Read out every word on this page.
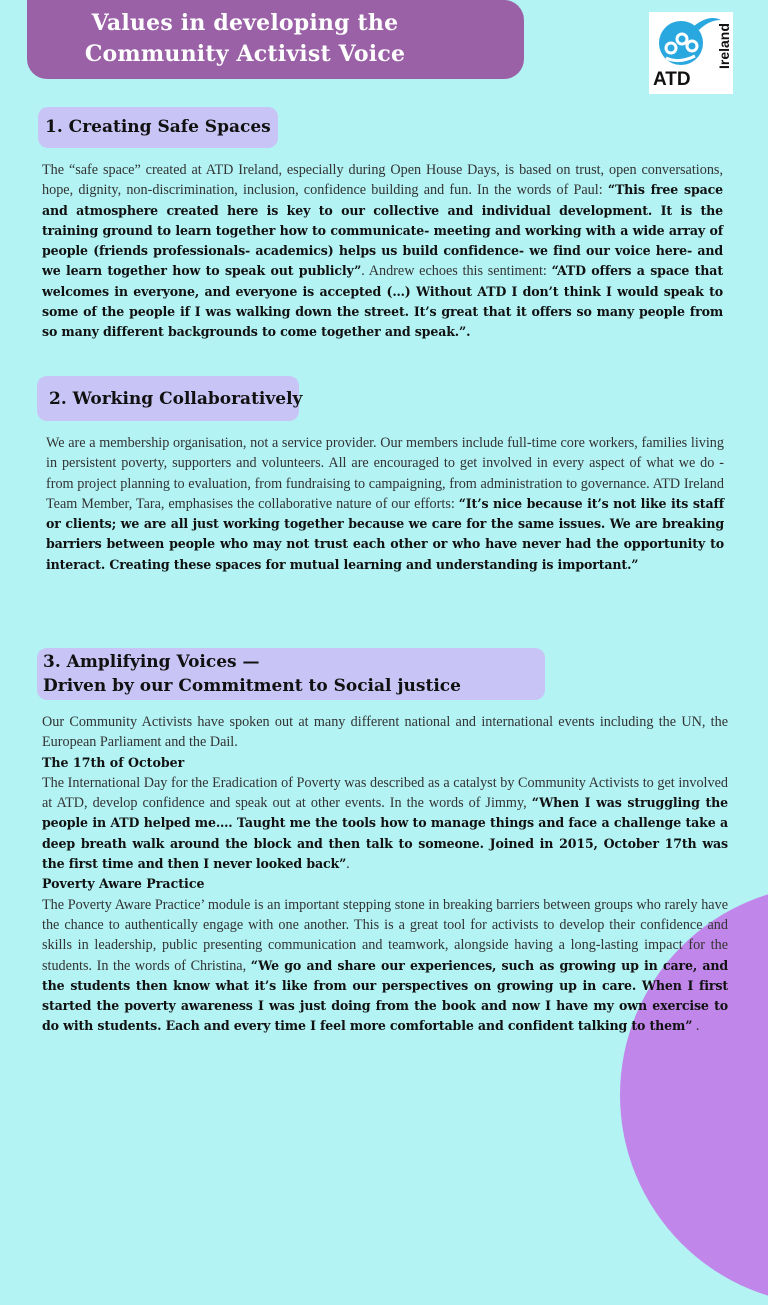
Values in developing the
Community Activist Voice
ATD
Ireland
1. Creating Safe Spaces
The “safe space” created at ATD Ireland, especially during Open House Days, is based on trust, open conversations, hope, dignity, non-discrimination, inclusion, confidence building and fun. In the words of Paul: “This free space and atmosphere created here is key to our collective and individual development. It is the training ground to learn together how to communicate- meeting and working with a wide array of people (friends professionals- academics) helps us build confidence- we find our voice here- and we learn together how to speak out publicly”. Andrew echoes this sentiment: “ATD offers a space that welcomes in everyone, and everyone is accepted (…) Without ATD I don’t think I would speak to some of the people if I was walking down the street. It’s great that it offers so many people from so many different backgrounds to come together and speak.”.
2. Working Collaboratively
We are a membership organisation, not a service provider. Our members include full-time core workers, families living in persistent poverty, supporters and volunteers. All are encouraged to get involved in every aspect of what we do - from project planning to evaluation, from fundraising to campaigning, from administration to governance. ATD Ireland Team Member, Tara, emphasises the collaborative nature of our efforts: “It’s nice because it’s not like its staff or clients; we are all just working together because we care for the same issues. We are breaking barriers between people who may not trust each other or who have never had the opportunity to interact. Creating these spaces for mutual learning and understanding is important.”
3. Amplifying Voices —
Driven by our Commitment to Social justice
Our Community Activists have spoken out at many different national and international events including the UN, the European Parliament and the Dail.
The 17th of October
The International Day for the Eradication of Poverty was described as a catalyst by Community Activists to get involved at ATD, develop confidence and speak out at other events. In the words of Jimmy, “When I was struggling the people in ATD helped me…. Taught me the tools how to manage things and face a challenge take a deep breath walk around the block and then talk to someone. Joined in 2015, October 17th was the first time and then I never looked back”.
Poverty Aware Practice
The Poverty Aware Practice’ module is an important stepping stone in breaking barriers between groups who rarely have the chance to authentically engage with one another. This is a great tool for activists to develop their confidence and skills in leadership, public presenting communication and teamwork, alongside having a long-lasting impact for the students. In the words of Christina, “We go and share our experiences, such as growing up in care, and the students then know what it’s like from our perspectives on growing up in care. When I first started the poverty awareness I was just doing from the book and now I have my own exercise to do with students. Each and every time I feel more comfortable and confident talking to them” .
